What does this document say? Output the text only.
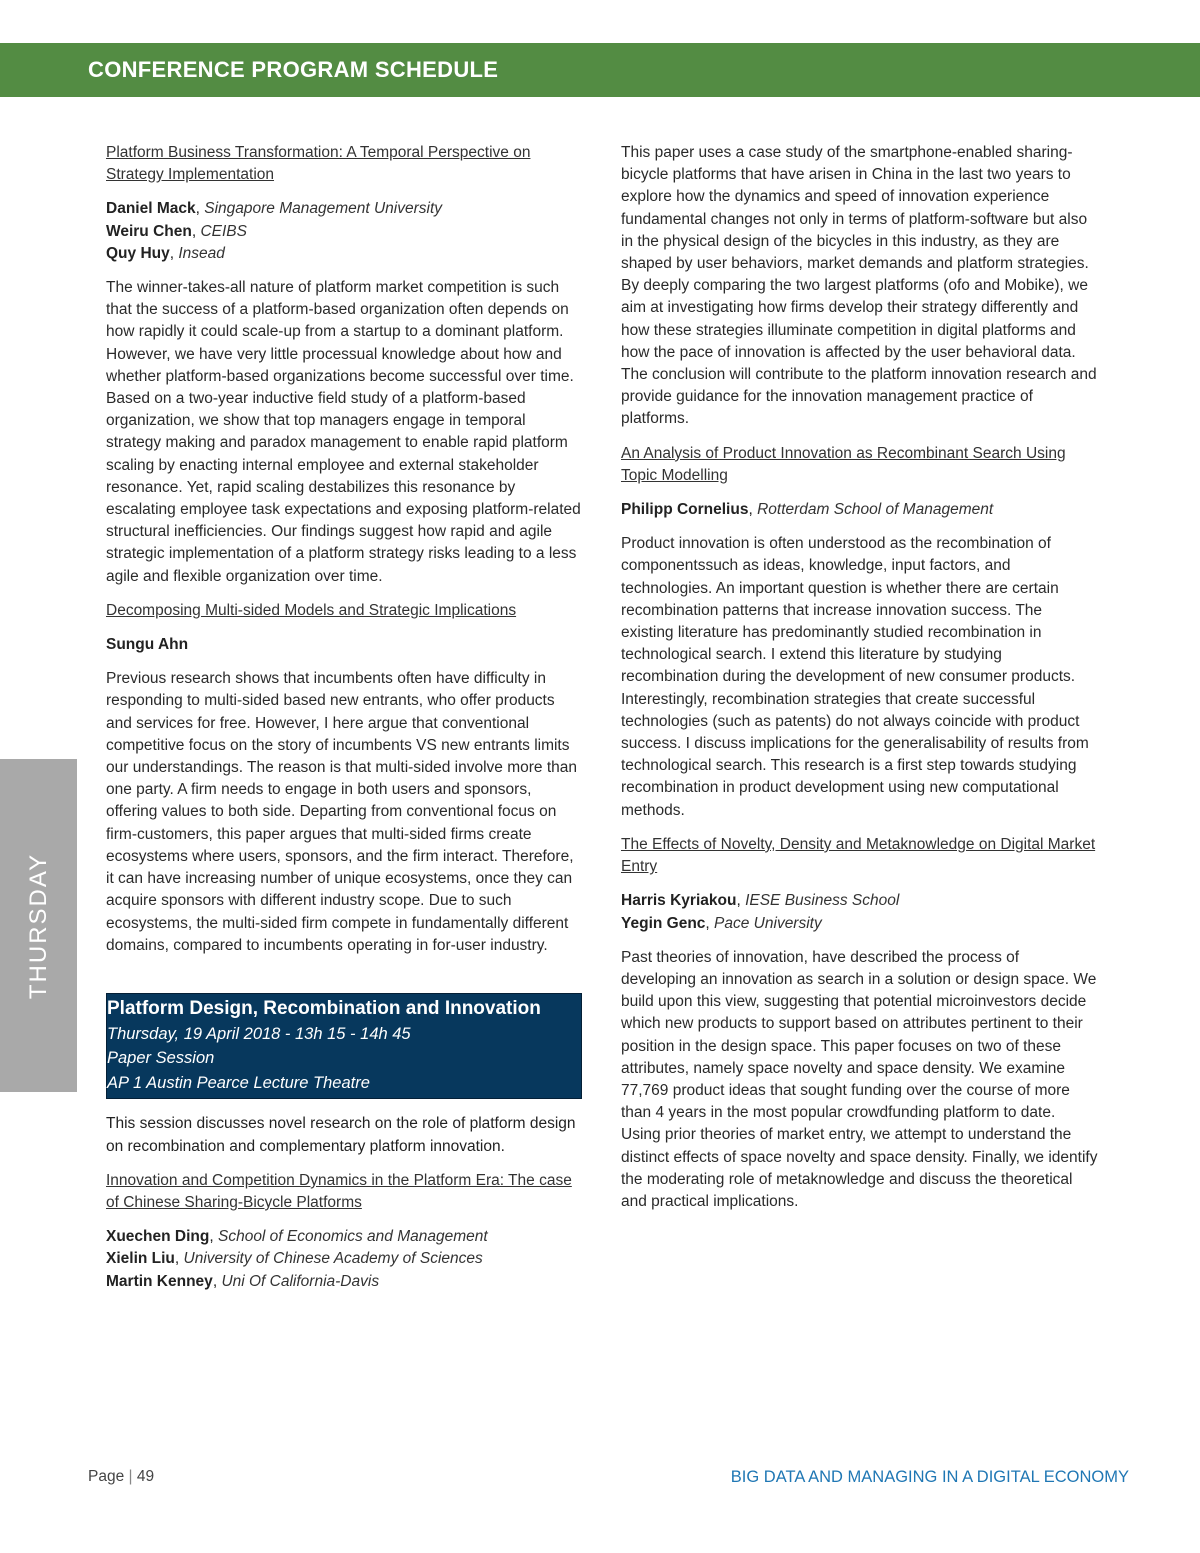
CONFERENCE PROGRAM SCHEDULE
THURSDAY
Platform Business Transformation: A Temporal Perspective on Strategy Implementation
Daniel Mack, Singapore Management University
Weiru Chen, CEIBS
Quy Huy, Insead
The winner-takes-all nature of platform market competition is such that the success of a platform-based organization often depends on how rapidly it could scale-up from a startup to a dominant platform. However, we have very little processual knowledge about how and whether platform-based organizations become successful over time. Based on a two-year inductive field study of a platform-based organization, we show that top managers engage in temporal strategy making and paradox management to enable rapid platform scaling by enacting internal employee and external stakeholder resonance. Yet, rapid scaling destabilizes this resonance by escalating employee task expectations and exposing platform-related structural inefficiencies. Our findings suggest how rapid and agile strategic implementation of a platform strategy risks leading to a less agile and flexible organization over time.
Decomposing Multi-sided Models and Strategic Implications
Sungu Ahn
Previous research shows that incumbents often have difficulty in responding to multi-sided based new entrants, who offer products and services for free. However, I here argue that conventional competitive focus on the story of incumbents VS new entrants limits our understandings. The reason is that multi-sided involve more than one party. A firm needs to engage in both users and sponsors, offering values to both side. Departing from conventional focus on firm-customers, this paper argues that multi-sided firms create ecosystems where users, sponsors, and the firm interact. Therefore, it can have increasing number of unique ecosystems, once they can acquire sponsors with different industry scope. Due to such ecosystems, the multi-sided firm compete in fundamentally different domains, compared to incumbents operating in for-user industry.
Platform Design, Recombination and Innovation
Thursday, 19 April 2018 - 13h 15 - 14h 45
Paper Session
AP 1 Austin Pearce Lecture Theatre
This session discusses novel research on the role of platform design on recombination and complementary platform innovation.
Innovation and Competition Dynamics in the Platform Era: The case of Chinese Sharing-Bicycle Platforms
Xuechen Ding, School of Economics and Management
Xielin Liu, University of Chinese Academy of Sciences
Martin Kenney, Uni Of California-Davis
This paper uses a case study of the smartphone-enabled sharing-bicycle platforms that have arisen in China in the last two years to explore how the dynamics and speed of innovation experience fundamental changes not only in terms of platform-software but also in the physical design of the bicycles in this industry, as they are shaped by user behaviors, market demands and platform strategies. By deeply comparing the two largest platforms (ofo and Mobike), we aim at investigating how firms develop their strategy differently and how these strategies illuminate competition in digital platforms and how the pace of innovation is affected by the user behavioral data. The conclusion will contribute to the platform innovation research and provide guidance for the innovation management practice of platforms.
An Analysis of Product Innovation as Recombinant Search Using Topic Modelling
Philipp Cornelius, Rotterdam School of Management
Product innovation is often understood as the recombination of componentssuch as ideas, knowledge, input factors, and technologies. An important question is whether there are certain recombination patterns that increase innovation success. The existing literature has predominantly studied recombination in technological search. I extend this literature by studying recombination during the development of new consumer products. Interestingly, recombination strategies that create successful technologies (such as patents) do not always coincide with product success. I discuss implications for the generalisability of results from technological search. This research is a first step towards studying recombination in product development using new computational methods.
The Effects of Novelty, Density and Metaknowledge on Digital Market Entry
Harris Kyriakou, IESE Business School
Yegin Genc, Pace University
Past theories of innovation, have described the process of developing an innovation as search in a solution or design space. We build upon this view, suggesting that potential microinvestors decide which new products to support based on attributes pertinent to their position in the design space. This paper focuses on two of these attributes, namely space novelty and space density. We examine 77,769 product ideas that sought funding over the course of more than 4 years in the most popular crowdfunding platform to date. Using prior theories of market entry, we attempt to understand the distinct effects of space novelty and space density. Finally, we identify the moderating role of metaknowledge and discuss the theoretical and practical implications.
Page | 49	BIG DATA AND MANAGING IN A DIGITAL ECONOMY
